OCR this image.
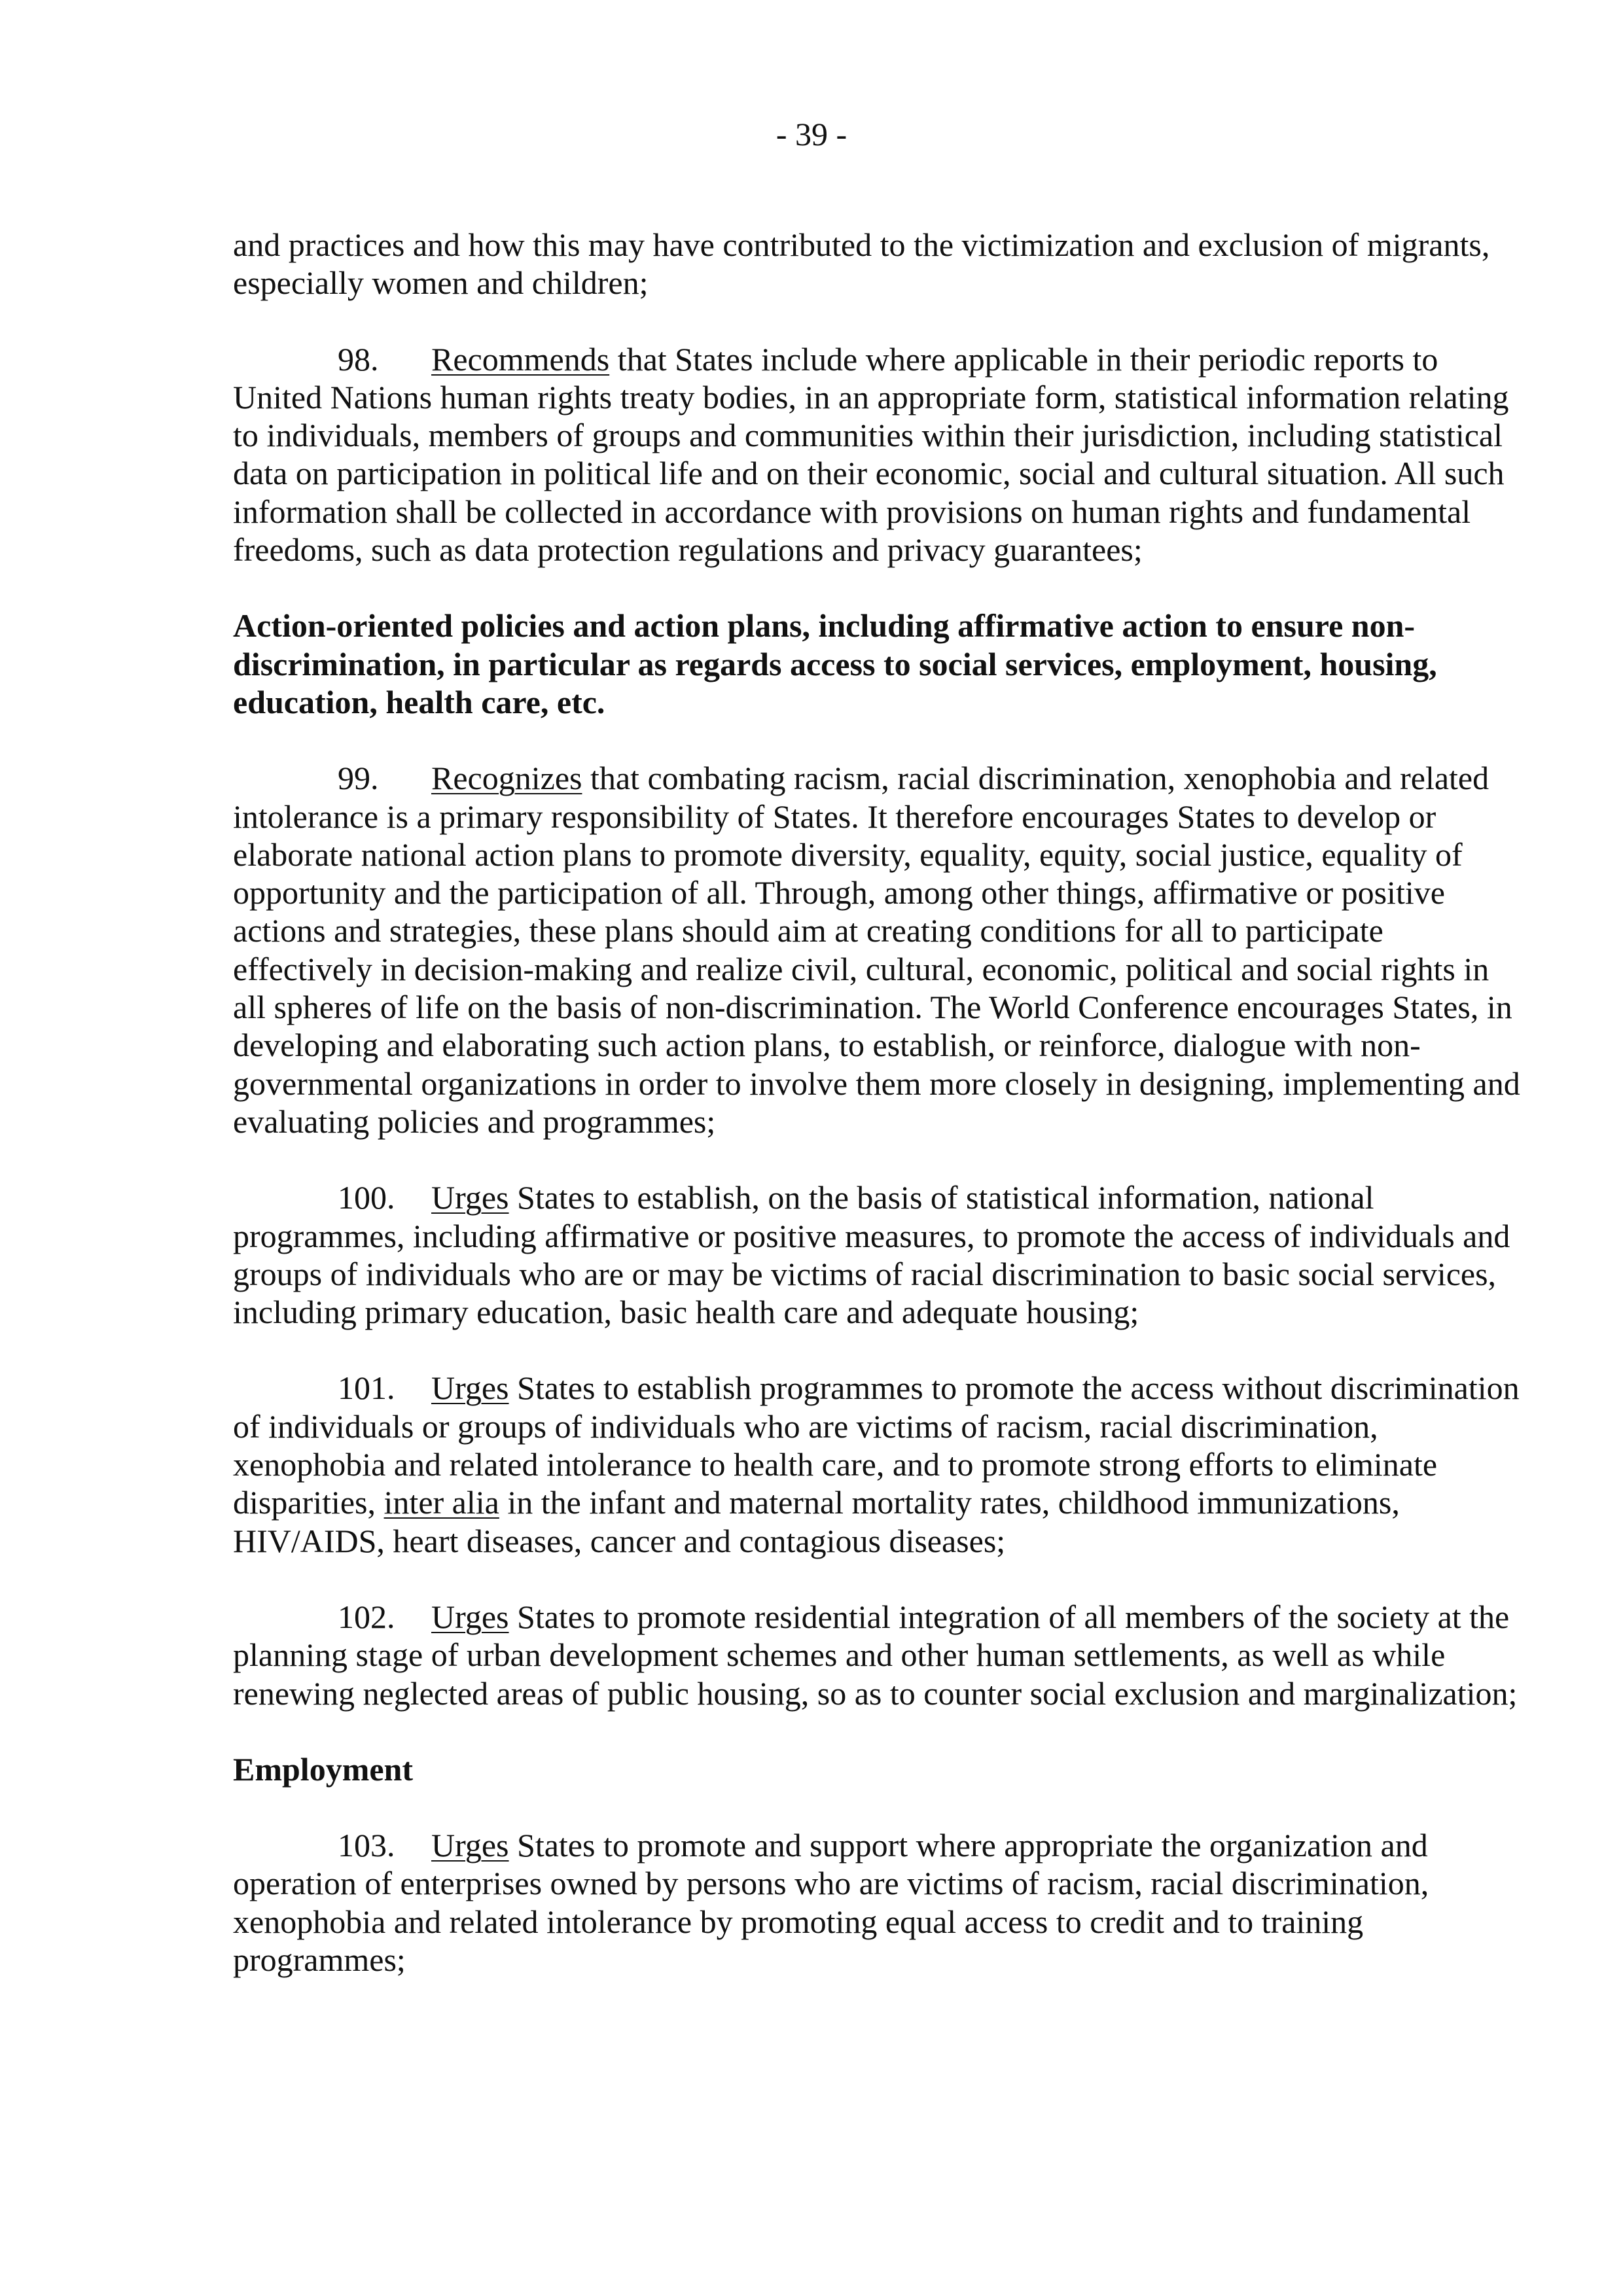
- 39 -

and practices and how this may have contributed to the victimization and exclusion of migrants, especially women and children;

98. Recommends that States include where applicable in their periodic reports to United Nations human rights treaty bodies, in an appropriate form, statistical information relating to individuals, members of groups and communities within their jurisdiction, including statistical data on participation in political life and on their economic, social and cultural situation. All such information shall be collected in accordance with provisions on human rights and fundamental freedoms, such as data protection regulations and privacy guarantees;

Action-oriented policies and action plans, including affirmative action to ensure non-discrimination, in particular as regards access to social services, employment, housing, education, health care, etc.

99. Recognizes that combating racism, racial discrimination, xenophobia and related intolerance is a primary responsibility of States. It therefore encourages States to develop or elaborate national action plans to promote diversity, equality, equity, social justice, equality of opportunity and the participation of all. Through, among other things, affirmative or positive actions and strategies, these plans should aim at creating conditions for all to participate effectively in decision-making and realize civil, cultural, economic, political and social rights in all spheres of life on the basis of non-discrimination. The World Conference encourages States, in developing and elaborating such action plans, to establish, or reinforce, dialogue with non-governmental organizations in order to involve them more closely in designing, implementing and evaluating policies and programmes;

100. Urges States to establish, on the basis of statistical information, national programmes, including affirmative or positive measures, to promote the access of individuals and groups of individuals who are or may be victims of racial discrimination to basic social services, including primary education, basic health care and adequate housing;

101. Urges States to establish programmes to promote the access without discrimination of individuals or groups of individuals who are victims of racism, racial discrimination, xenophobia and related intolerance to health care, and to promote strong efforts to eliminate disparities, inter alia in the infant and maternal mortality rates, childhood immunizations, HIV/AIDS, heart diseases, cancer and contagious diseases;

102. Urges States to promote residential integration of all members of the society at the planning stage of urban development schemes and other human settlements, as well as while renewing neglected areas of public housing, so as to counter social exclusion and marginalization;

Employment

103. Urges States to promote and support where appropriate the organization and operation of enterprises owned by persons who are victims of racism, racial discrimination, xenophobia and related intolerance by promoting equal access to credit and to training programmes;
